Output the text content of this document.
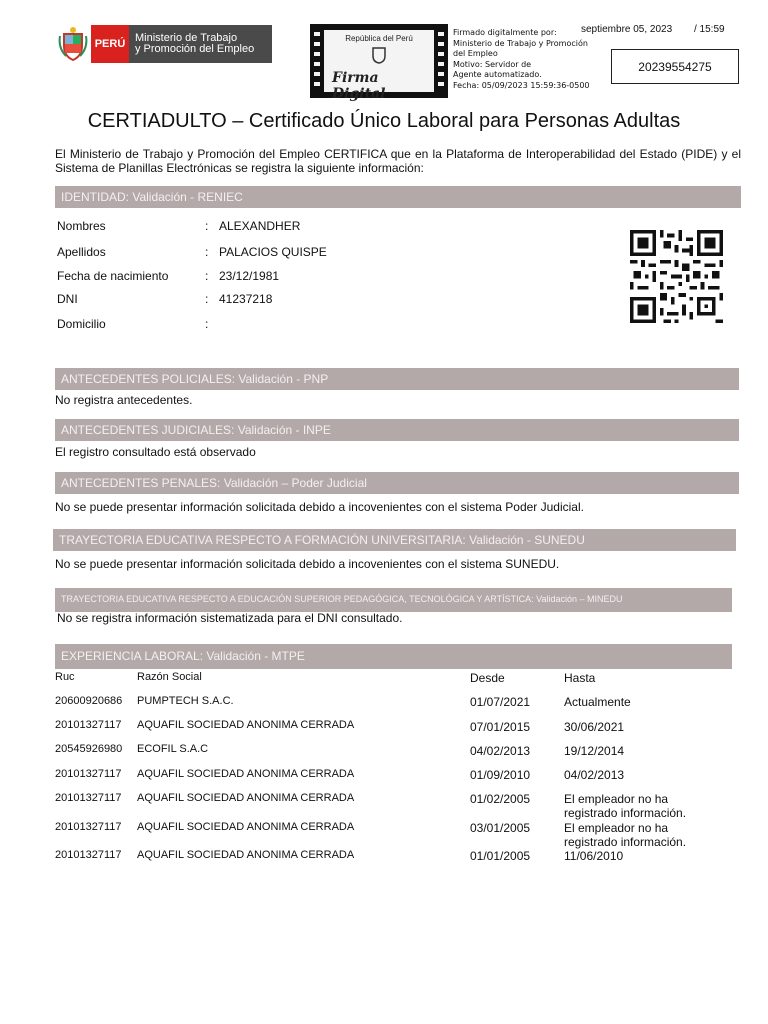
PERÚ Ministerio de Trabajo
y Promoción del Empleo
República del Perú
Firma Digital
Firmado digitalmente por:
Ministerio de Trabajo y Promoción
del Empleo
Motivo: Servidor de
Agente automatizado.
Fecha: 05/09/2023 15:59:36-0500
septiembre 05, 2023 / 15:59
20239554275
CERTIADULTO – Certificado Único Laboral para Personas Adultas
El Ministerio de Trabajo y Promoción del Empleo CERTIFICA que en la Plataforma de Interoperabilidad del Estado (PIDE) y el Sistema de Planillas Electrónicas se registra la siguiente información:
IDENTIDAD: Validación - RENIEC
Nombres	: ALEXANDHER
Apellidos	: PALACIOS QUISPE
Fecha de nacimiento	: 23/12/1981
DNI	: 41237218
Domicilio	:
ANTECEDENTES POLICIALES: Validación - PNP
No registra antecedentes.
ANTECEDENTES JUDICIALES: Validación - INPE
El registro consultado está observado
ANTECEDENTES PENALES: Validación – Poder Judicial
No se puede presentar información solicitada debido a incovenientes con el sistema Poder Judicial.
TRAYECTORIA EDUCATIVA RESPECTO A FORMACIÓN UNIVERSITARIA: Validación - SUNEDU
No se puede presentar información solicitada debido a incovenientes con el sistema SUNEDU.
TRAYECTORIA EDUCATIVA RESPECTO A EDUCACIÓN SUPERIOR PEDAGÓGICA, TECNOLÓGICA Y ARTÍSTICA: Validación – MINEDU
No se registra información sistematizada para el DNI consultado.
EXPERIENCIA LABORAL: Validación - MTPE
Ruc	Razón Social	Desde	Hasta
20600920686 PUMPTECH S.A.C.	01/07/2021	Actualmente
20101327117 AQUAFIL SOCIEDAD ANONIMA CERRADA	07/01/2015	30/06/2021
20545926980 ECOFIL S.A.C	04/02/2013	19/12/2014
20101327117 AQUAFIL SOCIEDAD ANONIMA CERRADA	01/09/2010	04/02/2013
20101327117 AQUAFIL SOCIEDAD ANONIMA CERRADA	01/02/2005	El empleador no ha registrado información.
20101327117 AQUAFIL SOCIEDAD ANONIMA CERRADA	03/01/2005	El empleador no ha registrado información.
20101327117 AQUAFIL SOCIEDAD ANONIMA CERRADA	01/01/2005	11/06/2010
